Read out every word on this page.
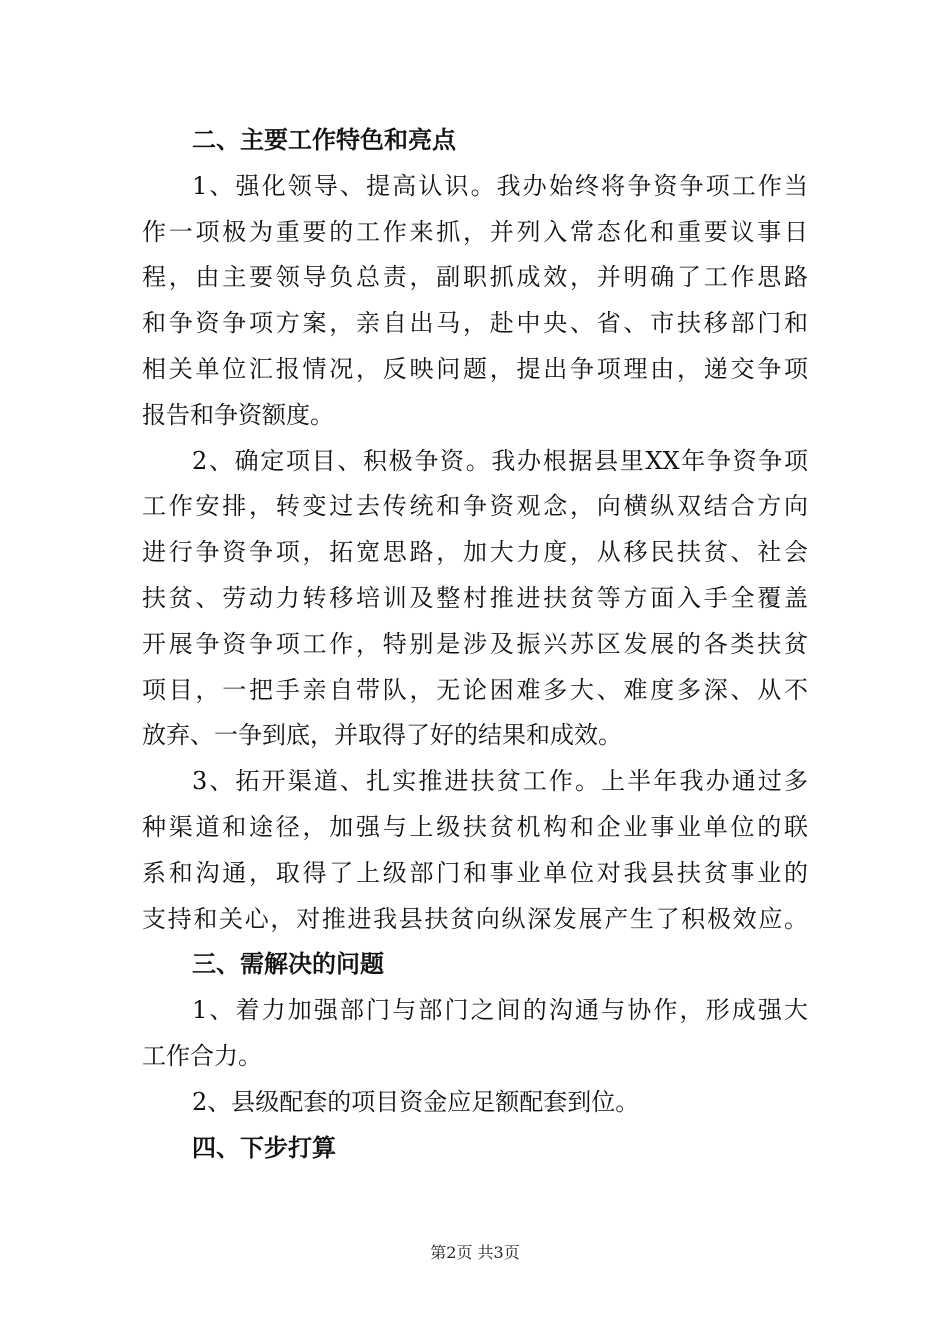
二、主要工作特色和亮点
1、强化领导、提高认识。我办始终将争资争项工作当
作一项极为重要的工作来抓，并列入常态化和重要议事日
程，由主要领导负总责，副职抓成效，并明确了工作思路
和争资争项方案，亲自出马，赴中央、省、市扶移部门和
相关单位汇报情况，反映问题，提出争项理由，递交争项
报告和争资额度。
2、确定项目、积极争资。我办根据县里XX年争资争项
工作安排，转变过去传统和争资观念，向横纵双结合方向
进行争资争项，拓宽思路，加大力度，从移民扶贫、社会
扶贫、劳动力转移培训及整村推进扶贫等方面入手全覆盖
开展争资争项工作，特别是涉及振兴苏区发展的各类扶贫
项目，一把手亲自带队，无论困难多大、难度多深、从不
放弃、一争到底，并取得了好的结果和成效。
3、拓开渠道、扎实推进扶贫工作。上半年我办通过多
种渠道和途径，加强与上级扶贫机构和企业事业单位的联
系和沟通，取得了上级部门和事业单位对我县扶贫事业的
支持和关心，对推进我县扶贫向纵深发展产生了积极效应。
三、需解决的问题
1、着力加强部门与部门之间的沟通与协作，形成强大
工作合力。
2、县级配套的项目资金应足额配套到位。
四、下步打算
第2页 共3页
